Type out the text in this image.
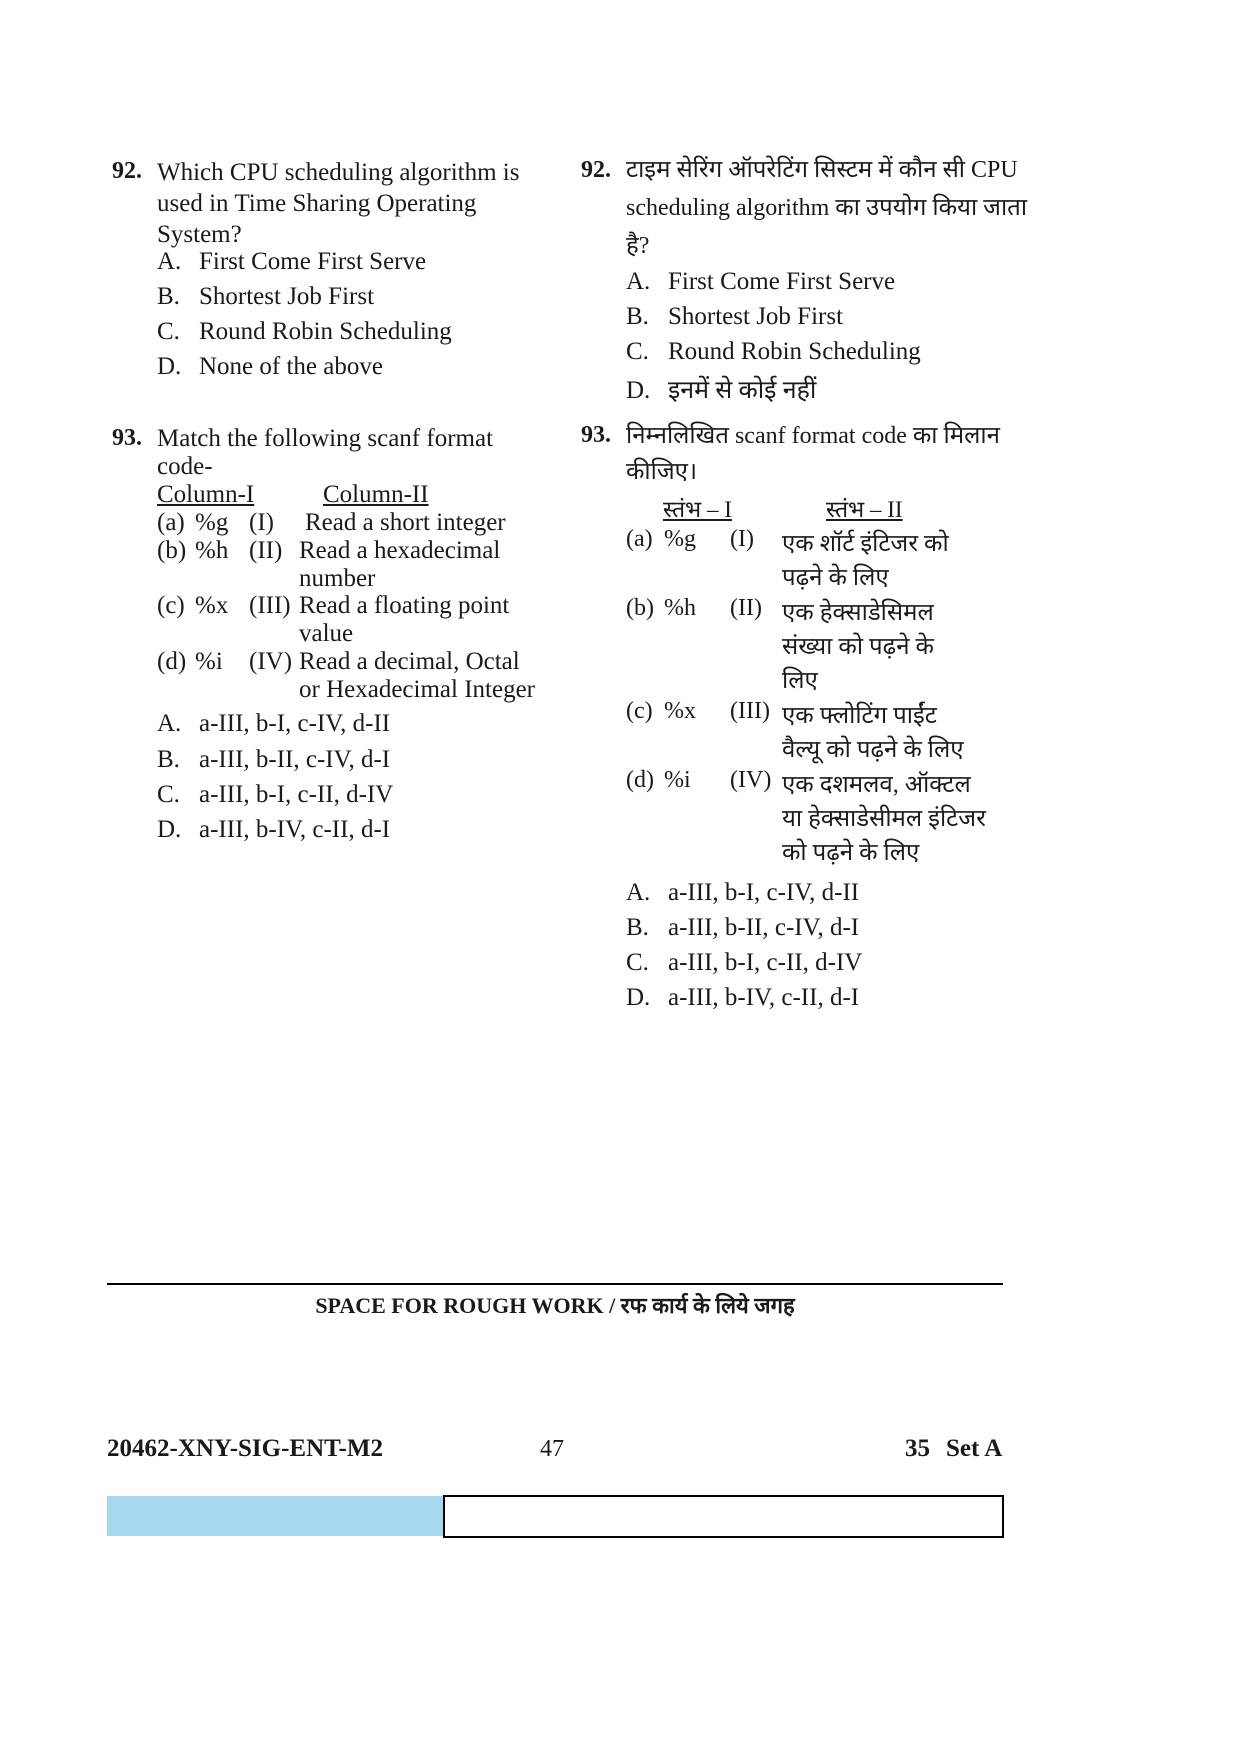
92. Which CPU scheduling algorithm is
used in Time Sharing Operating
System?
A. First Come First Serve
B. Shortest Job First
C. Round Robin Scheduling
D. None of the above
93. Match the following scanf format
code-
Column-I	Column-II
(a) %g (I) Read a short integer
(b) %h (II) Read a hexadecimal
number
(c) %x (III) Read a floating point
value
(d) %i (IV) Read a decimal, Octal
or Hexadecimal Integer
A. a-III, b-I, c-IV, d-II
B. a-III, b-II, c-IV, d-I
C. a-III, b-I, c-II, d-IV
D. a-III, b-IV, c-II, d-I
92. टाइम सेरिंग ऑपरेटिंग सिस्टम में कौन सी CPU
scheduling algorithm का उपयोग किया जाता
है?
A. First Come First Serve
B. Shortest Job First
C. Round Robin Scheduling
D. इनमें से कोई नहीं
93. निम्नलिखित scanf format code का मिलान
कीजिए।
स्तंभ – I	स्तंभ – II
(a) %g (I) एक शॉर्ट इंटिजर को
पढ़ने के लिए
(b) %h (II) एक हेक्साडेसिमल
संख्या को पढ़ने के
लिए
(c) %x (III) एक फ्लोटिंग पाईंट
वैल्यू को पढ़ने के लिए
(d) %i (IV) एक दशमलव, ऑक्टल
या हेक्साडेसीमल इंटिजर
को पढ़ने के लिए
A. a-III, b-I, c-IV, d-II
B. a-III, b-II, c-IV, d-I
C. a-III, b-I, c-II, d-IV
D. a-III, b-IV, c-II, d-I
SPACE FOR ROUGH WORK / रफ कार्य के लिये जगह
20462-XNY-SIG-ENT-M2	47	35 Set A
